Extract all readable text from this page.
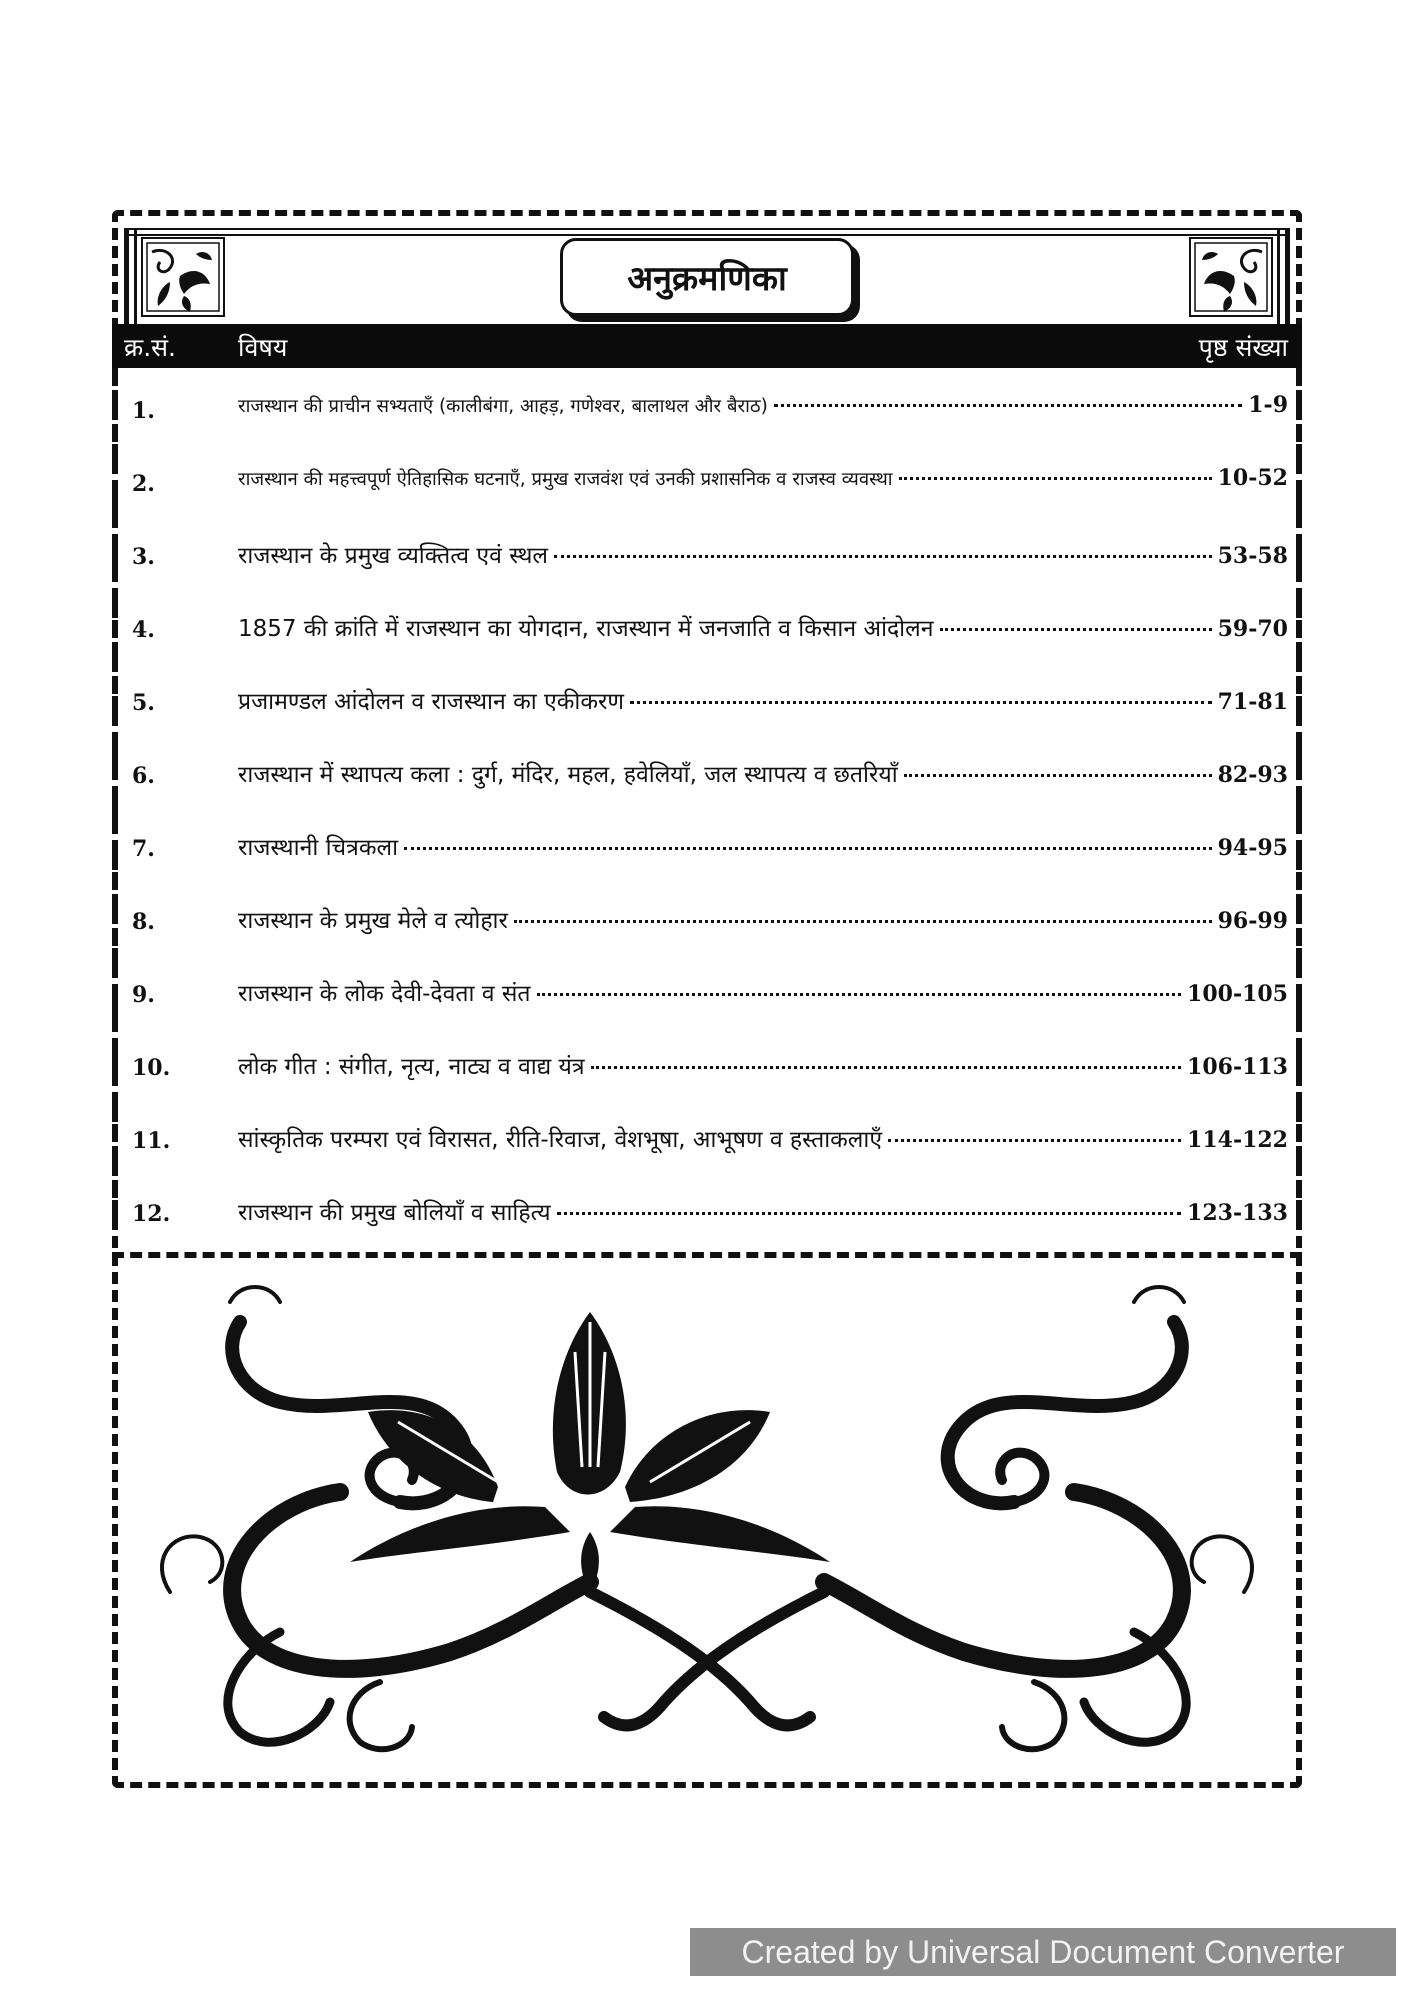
अनुक्रमणिका
क्र.सं. विषय	पृष्ठ संख्या
1.	राजस्थान की प्राचीन सभ्यताएँ (कालीबंगा, आहड़, गणेश्वर, बालाथल और बैराठ)	1-9
2.	राजस्थान की महत्त्वपूर्ण ऐतिहासिक घटनाएँ, प्रमुख राजवंश एवं उनकी प्रशासनिक व राजस्व व्यवस्था	10-52
3.	राजस्थान के प्रमुख व्यक्तित्व एवं स्थल	53-58
4.	1857 की क्रांति में राजस्थान का योगदान, राजस्थान में जनजाति व किसान आंदोलन	59-70
5.	प्रजामण्डल आंदोलन व राजस्थान का एकीकरण	71-81
6.	राजस्थान में स्थापत्य कला : दुर्ग, मंदिर, महल, हवेलियाँ, जल स्थापत्य व छतरियाँ	82-93
7.	राजस्थानी चित्रकला	94-95
8.	राजस्थान के प्रमुख मेले व त्योहार	96-99
9.	राजस्थान के लोक देवी-देवता व संत	100-105
10.	लोक गीत : संगीत, नृत्य, नाट्य व वाद्य यंत्र	106-113
11.	सांस्कृतिक परम्परा एवं विरासत, रीति-रिवाज, वेशभूषा, आभूषण व हस्ताकलाएँ	114-122
12.	राजस्थान की प्रमुख बोलियाँ व साहित्य	123-133
Created by Universal Document Converter
